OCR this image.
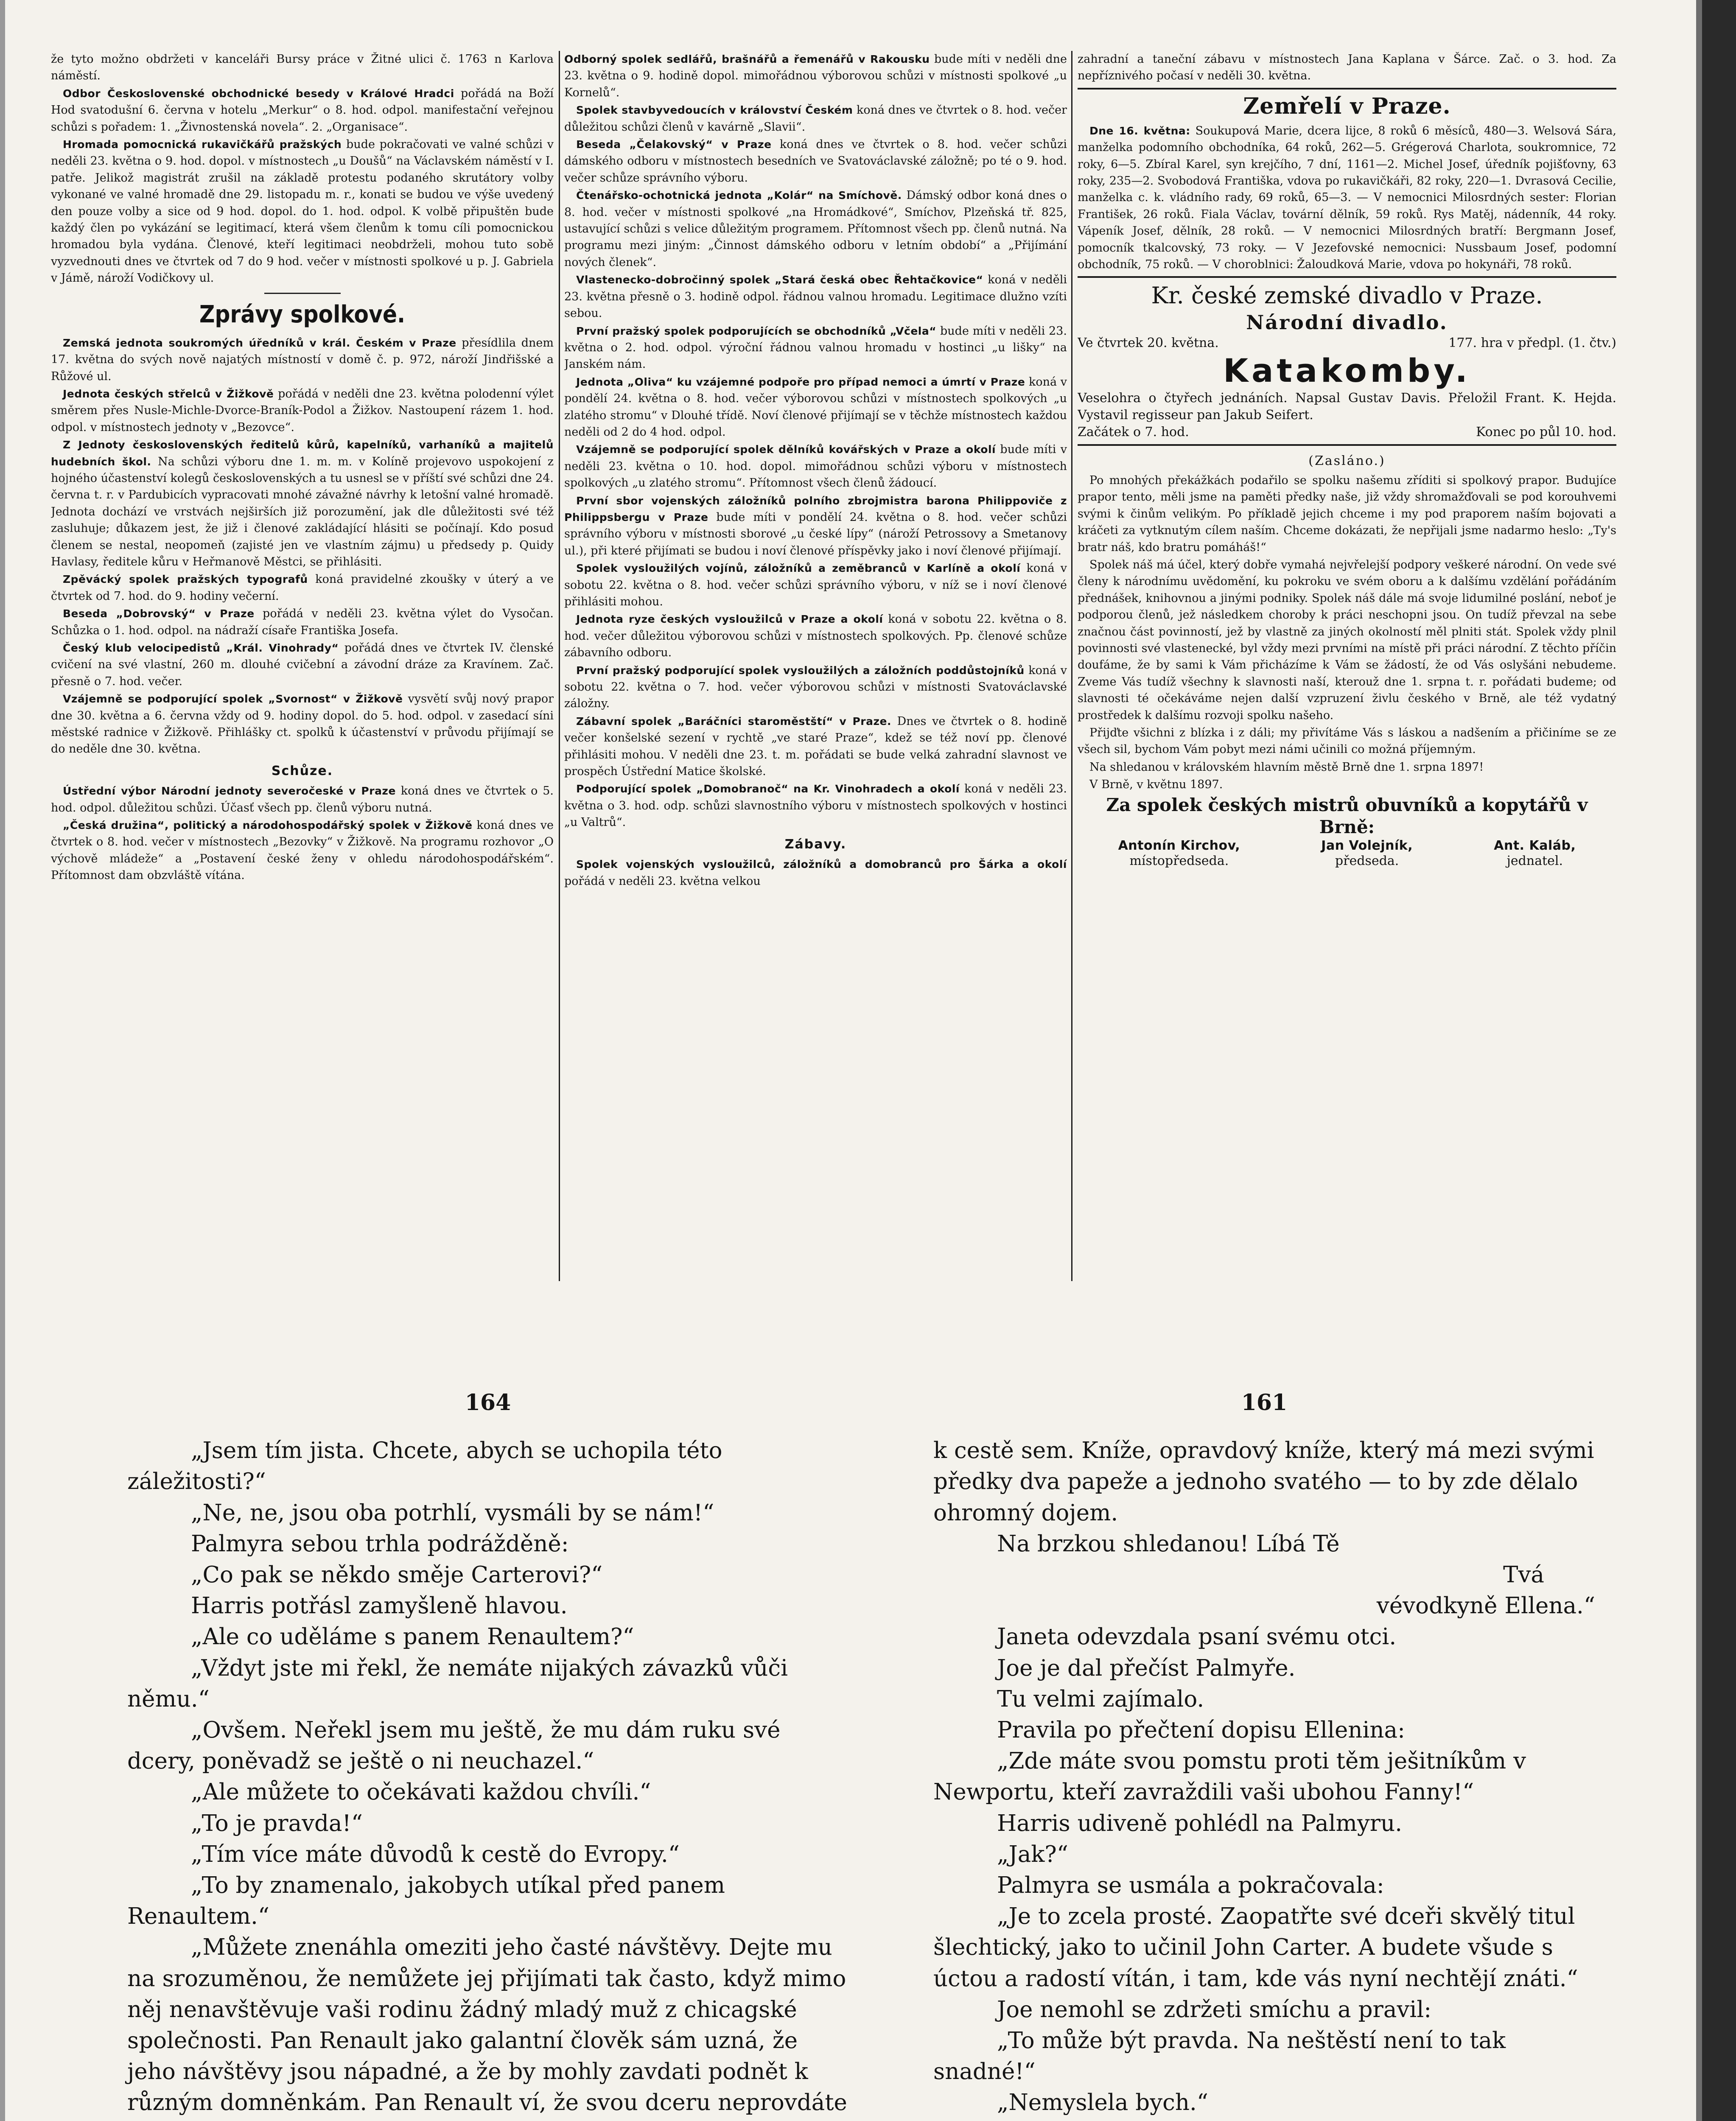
že tyto možno obdržeti v kanceláři Bursy práce v Žitné ulici č. 1763 n Karlova náměstí.

Odbor Československé obchodnické besedy v Králové Hradci pořádá na Boží Hod svatodušní 6. června v hotelu „Merkur“ o 8. hod. odpol. manifestační veřejnou schůzi s pořadem: 1. „Živnostenská novela“. 2. „Organisace“.

Hromada pomocnická rukavičkářů pražských bude pokračovati ve valné schůzi v neděli 23. května o 9. hod. dopol. v místnostech „u Doušů“ na Václavském náměstí v I. patře. Jelikož magistrát zrušil na základě protestu podaného skrutátory volby vykonané ve valné hromadě dne 29. listopadu m. r., konati se budou ve výše uvedený den pouze volby a sice od 9 hod. dopol. do 1. hod. odpol. K volbě připuštěn bude každý člen po vykázání se legitimací, která všem členům k tomu cíli pomocnickou hromadou byla vydána. Členové, kteří legitimaci neobdrželi, mohou tuto sobě vyzvednouti dnes ve čtvrtek od 7 do 9 hod. večer v místnosti spolkové u p. J. Gabriela v Jámě, nároží Vodičkovy ul.

Zprávy spolkové.

Zemská jednota soukromých úředníků v král. Českém v Praze přesídlila dnem 17. května do svých nově najatých místností v domě č. p. 972, nároží Jindřišské a Růžové ul.

Jednota českých střelců v Žižkově pořádá v neděli dne 23. května polodenní výlet směrem přes Nusle-Michle-Dvorce-Braník-Podol a Žižkov. Nastoupení rázem 1. hod. odpol. v místnostech jednoty v „Bezovce“.

Z Jednoty československých ředitelů kůrů, kapelníků, varhaníků a majitelů hudebních škol. Na schůzi výboru dne 1. m. m. v Kolíně projevovo uspokojení z hojného účastenství kolegů československých a tu usnesl se v příští své schůzi dne 24. června t. r. v Pardubicích vypracovati mnohé závažné návrhy k letošní valné hromadě. Jednota dochází ve vrstvách nejširších již porozumění, jak dle důležitosti své též zasluhuje; důkazem jest, že již i členové zakládající hlásiti se počínají. Kdo posud členem se nestal, neopomeň (zajisté jen ve vlastním zájmu) u předsedy p. Quidy Havlasy, ředitele kůru v Heřmanově Městci, se přihlásiti.

Zpěvácký spolek pražských typografů koná pravidelné zkoušky v úterý a ve čtvrtek od 7. hod. do 9. hodiny večerní.

Beseda „Dobrovský“ v Praze pořádá v neděli 23. května výlet do Vysočan. Schůzka o 1. hod. odpol. na nádraží císaře Františka Josefa.

Český klub velocipedistů „Král. Vinohrady“ pořádá dnes ve čtvrtek IV. členské cvičení na své vlastní, 260 m. dlouhé cvičební a závodní dráze za Kravínem. Zač. přesně o 7. hod. večer.

Vzájemně se podporující spolek „Svornost“ v Žižkově vysvětí svůj nový prapor dne 30. května a 6. června vždy od 9. hodiny dopol. do 5. hod. odpol. v zasedací síni městské radnice v Žižkově. Přihlášky ct. spolků k účastenství v průvodu přijímají se do neděle dne 30. května.

Schůze.

Ústřední výbor Národní jednoty severočeské v Praze koná dnes ve čtvrtek o 5. hod. odpol. důležitou schůzi. Účasť všech pp. členů výboru nutná.

„Česká družina“, politický a národohospodářský spolek v Žižkově koná dnes ve čtvrtek o 8. hod. večer v místnostech „Bezovky“ v Žižkově. Na programu rozhovor „O výchově mládeže“ a „Postavení české ženy v ohledu národohospodářském“. Přítomnost dam obzvláště vítána.

Odborný spolek sedlářů, brašnářů a řemenářů v Rakousku bude míti v neděli dne 23. května o 9. hodině dopol. mimořádnou výborovou schůzi v místnosti spolkové „u Kornelů“.

Spolek stavbyvedoucích v království Českém koná dnes ve čtvrtek o 8. hod. večer důležitou schůzi členů v kavárně „Slavii“.

Beseda „Čelakovský“ v Praze koná dnes ve čtvrtek o 8. hod. večer schůzi dámského odboru v místnostech besedních ve Svatováclavské záložně; po té o 9. hod. večer schůze správního výboru.

Čtenářsko-ochotnická jednota „Kolár“ na Smíchově. Dámský odbor koná dnes o 8. hod. večer v místnosti spolkové „na Hromádkové“, Smíchov, Plzeňská tř. 825, ustavující schůzi s velice důležitým programem. Přítomnost všech pp. členů nutná. Na programu mezi jiným: „Činnost dámského odboru v letním období“ a „Přijímání nových členek“.

Vlastenecko-dobročinný spolek „Stará česká obec Řehtačkovice“ koná v neděli 23. května přesně o 3. hodině odpol. řádnou valnou hromadu. Legitimace dlužno vzíti sebou.

První pražský spolek podporujících se obchodníků „Včela“ bude míti v neděli 23. května o 2. hod. odpol. výroční řádnou valnou hromadu v hostinci „u lišky“ na Janském nám.

Jednota „Oliva“ ku vzájemné podpoře pro případ nemoci a úmrtí v Praze koná v pondělí 24. května o 8. hod. večer výborovou schůzi v místnostech spolkových „u zlatého stromu“ v Dlouhé třídě. Noví členové přijímají se v těchže místnostech každou neděli od 2 do 4 hod. odpol.

Vzájemně se podporující spolek dělníků kovářských v Praze a okolí bude míti v neděli 23. května o 10. hod. dopol. mimořádnou schůzi výboru v místnostech spolkových „u zlatého stromu“. Přítomnost všech členů žádoucí.

První sbor vojenských záložníků polního zbrojmistra barona Philippoviče z Philippsbergu v Praze bude míti v pondělí 24. května o 8. hod. večer schůzi správního výboru v místnosti sborové „u české lípy“ (nároží Petrossovy a Smetanovy ul.), při které přijímati se budou i noví členové příspěvky jako i noví členové přijímají.

Spolek vysloužilých vojínů, záložníků a zeměbranců v Karlíně a okolí koná v sobotu 22. května o 8. hod. večer schůzi správního výboru, v níž se i noví členové přihlásiti mohou.

Jednota ryze českých vysloužilců v Praze a okolí koná v sobotu 22. května o 8. hod. večer důležitou výborovou schůzi v místnostech spolkových. Pp. členové schůze zábavního odboru.

První pražský podporující spolek vysloužilých a záložních poddůstojníků koná v sobotu 22. května o 7. hod. večer výborovou schůzi v místnosti Svatováclavské záložny.

Zábavní spolek „Baráčníci staroměstští“ v Praze. Dnes ve čtvrtek o 8. hodině večer konšelské sezení v rychtě „ve staré Praze“, kdež se též noví pp. členové přihlásiti mohou. V neděli dne 23. t. m. pořádati se bude velká zahradní slavnost ve prospěch Ústřední Matice školské.

Podporující spolek „Domobranoč“ na Kr. Vinohradech a okolí koná v neděli 23. května o 3. hod. odp. schůzi slavnostního výboru v místnostech spolkových v hostinci „u Valtrů“.

Zábavy.

Spolek vojenských vysloužilců, záložníků a domobranců pro Šárka a okolí pořádá v neděli 23. května velkou

zahradní a taneční zábavu v místnostech Jana Kaplana v Šárce. Zač. o 3. hod. Za nepříznivého počasí v neděli 30. května.

Zemřelí v Praze.

Dne 16. května: Soukupová Marie, dcera lijce, 8 roků 6 měsíců, 480—3. Welsová Sára, manželka podomního obchodníka, 64 roků, 262—5. Grégerová Charlota, soukromnice, 72 roky, 6—5. Zbíral Karel, syn krejčího, 7 dní, 1161—2. Michel Josef, úředník pojišťovny, 63 roky, 235—2. Svobodová Františka, vdova po rukavičkáři, 82 roky, 220—1. Dvrasová Cecilie, manželka c. k. vládního rady, 69 roků, 65—3. — V nemocnici Milosrdných sester: Florian František, 26 roků. Fiala Václav, tovární dělník, 59 roků. Rys Matěj, nádenník, 44 roky. Vápeník Josef, dělník, 28 roků. — V nemocnici Milosrdných bratří: Bergmann Josef, pomocník tkalcovský, 73 roky. — V Jezefovské nemocnici: Nussbaum Josef, podomní obchodník, 75 roků. — V choroblnici: Žaloudková Marie, vdova po hokynáři, 78 roků.

Kr. české zemské divadlo v Praze.
Národní divadlo.
Ve čtvrtek 20. května.	177. hra v předpl. (1. čtv.)
Katakomby.
Veselohra o čtyřech jednáních. Napsal Gustav Davis. Přeložil Frant. K. Hejda. Vystavil regisseur pan Jakub Seifert.
Začátek o 7. hod.	Konec po půl 10. hod.
(Zasláno.)

Po mnohých překážkách podařilo se spolku našemu zříditi si spolkový prapor. Budujíce prapor tento, měli jsme na paměti předky naše, již vždy shromažďovali se pod korouhvemi svými k činům velikým. Po příkladě jejich chceme i my pod praporem naším bojovati a kráčeti za vytknutým cílem naším. Chceme dokázati, že nepřijali jsme nadarmo heslo: „Ty's bratr náš, kdo bratru pomáháš!“

Spolek náš má účel, který dobře vymahá nejvřelejší podpory veškeré národní. On vede své členy k národnímu uvědomění, ku pokroku ve svém oboru a k dalšímu vzdělání pořádáním přednášek, knihovnou a jinými podniky. Spolek náš dále má svoje lidumilné poslání, neboť je podporou členů, jež následkem choroby k práci neschopni jsou. On tudíž převzal na sebe značnou část povinností, jež by vlastně za jiných okolností měl plniti stát. Spolek vždy plnil povinnosti své vlastenecké, byl vždy mezi prvními na místě při práci národní. Z těchto příčin doufáme, že by sami k Vám přicházíme k Vám se žádostí, že od Vás oslyšáni nebudeme. Zveme Vás tudíž všechny k slavnosti naší, kterouž dne 1. srpna t. r. pořádati budeme; od slavnosti té očekáváme nejen další vzpruzení živlu českého v Brně, ale též vydatný prostředek k dalšímu rozvoji spolku našeho.

Přijďte všichni z blízka i z dáli; my přivítáme Vás s láskou a nadšením a přičiníme se ze všech sil, bychom Vám pobyt mezi námi učinili co možná příjemným.

Na shledanou v královském hlavním městě Brně dne 1. srpna 1897!

V Brně, v květnu 1897.

Za spolek českých mistrů obuvníků a kopytářů v Brně:
Antonín Kirchov,
místopředseda.
Jan Volejník,
předseda.
Ant. Kaláb,
jednatel.
164

„Jsem tím jista. Chcete, abych se uchopila této záležitosti?“

„Ne, ne, jsou oba potrhlí, vysmáli by se nám!“

Palmyra sebou trhla podrážděně:

„Co pak se někdo směje Carterovi?“

Harris potřásl zamyšleně hlavou.

„Ale co uděláme s panem Renaultem?“

„Vždyt jste mi řekl, že nemáte nijakých závazků vůči němu.“

„Ovšem. Neřekl jsem mu ještě, že mu dám ruku své dcery, poněvadž se ještě o ni neuchazel.“

„Ale můžete to očekávati každou chvíli.“

„To je pravda!“

„Tím více máte důvodů k cestě do Evropy.“

„To by znamenalo, jakobych utíkal před panem Renaultem.“

„Můžete znenáhla omeziti jeho časté návštěvy. Dejte mu na srozuměnou, že nemůžete jej přijímati tak často, když mimo něj nenavštěvuje vaši rodinu žádný mladý muž z chicagské společnosti. Pan Renault jako galantní člověk sám uzná, že jeho návštěvy jsou nápadné, a že by mohly zavdati podnět k různým domněnkám. Pan Renault ví, že svou dceru neprovdáte

161

k cestě sem. Kníže, opravdový kníže, který má mezi svými předky dva papeže a jednoho svatého — to by zde dělalo ohromný dojem.

Na brzkou shledanou! Líbá Tě

Tvá

vévodkyně Ellena.“

Janeta odevzdala psaní svému otci.

Joe je dal přečíst Palmyře.

Tu velmi zajímalo.

Pravila po přečtení dopisu Ellenina:

„Zde máte svou pomstu proti těm ješitníkům v Newportu, kteří zavraždili vaši ubohou Fanny!“

Harris udiveně pohlédl na Palmyru.

„Jak?“

Palmyra se usmála a pokračovala:

„Je to zcela prosté. Zaopatřte své dceři skvělý titul šlechtický, jako to učinil John Carter. A budete všude s úctou a radostí vítán, i tam, kde vás nyní nechtějí znáti.“

Joe nemohl se zdržeti smíchu a pravil:

„To může být pravda. Na neštěstí není to tak snadné!“

„Nemyslela bych.“
